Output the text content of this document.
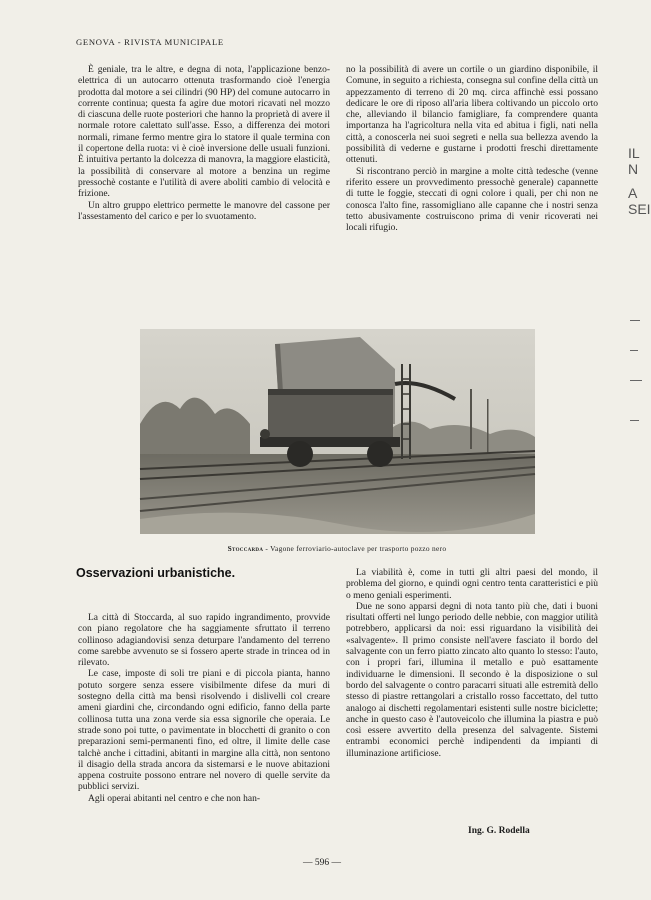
GENOVA - RIVISTA MUNICIPALE

È geniale, tra le altre, e degna di nota, l'applicazione benzo-elettrica di un autocarro ottenuta trasformando cioè l'energia prodotta dal motore a sei cilindri (90 HP) del comune autocarro in corrente continua; questa fa agire due motori ricavati nel mozzo di ciascuna delle ruote posteriori che hanno la proprietà di avere il normale rotore calettato sull'asse. Esso, a differenza dei motori normali, rimane fermo mentre gira lo statore il quale termina con il copertone della ruota: vi è cioè inversione delle usuali funzioni. È intuitiva pertanto la dolcezza di manovra, la maggiore elasticità, la possibilità di conservare al motore a benzina un regime pressochè costante e l'utilità di avere aboliti cambio di velocità e frizione.

Un altro gruppo elettrico permette le manovre del cassone per l'assestamento del carico e per lo svuotamento.

no la possibilità di avere un cortile o un giardino disponibile, il Comune, in seguito a richiesta, consegna sul confine della città un appezzamento di terreno di 20 mq. circa affinchè essi possano dedicare le ore di riposo all'aria libera coltivando un piccolo orto che, alleviando il bilancio famigliare, fa comprendere quanta importanza ha l'agricoltura nella vita ed abitua i figli, nati nella città, a conoscerla nei suoi segreti e nella sua bellezza avendo la possibilità di vederne e gustarne i prodotti freschi direttamente ottenuti.

Si riscontrano perciò in margine a molte città tedesche (venne riferito essere un provvedimento pressochè generale) capannette di tutte le foggie, steccati di ogni colore i quali, per chi non ne conosca l'alto fine, rassomigliano alle capanne che i nostri senza tetto abusivamente costruiscono prima di venir ricoverati nei locali rifugio.

Stoccarda - Vagone ferroviario-autoclave per trasporto pozzo nero
Osservazioni urbanistiche.

La città di Stoccarda, al suo rapido ingrandimento, provvide con piano regolatore che ha saggiamente sfruttato il terreno collinoso adagiandovisi senza deturpare l'andamento del terreno come sarebbe avvenuto se si fossero aperte strade in trincea od in rilevato.

Le case, imposte di soli tre piani e di piccola pianta, hanno potuto sorgere senza essere visibilmente difese da muri di sostegno della città ma bensì risolvendo i dislivelli col creare ameni giardini che, circondando ogni edificio, fanno della parte collinosa tutta una zona verde sia essa signorile che operaia. Le strade sono poi tutte, o pavimentate in blocchetti di granito o con preparazioni semi-permanenti fino, ed oltre, il limite delle case talchè anche i cittadini, abitanti in margine alla città, non sentono il disagio della strada ancora da sistemarsi e le nuove abitazioni appena costruite possono entrare nel novero di quelle servite da pubblici servizi.

Agli operai abitanti nel centro e che non han-

La viabilità è, come in tutti gli altri paesi del mondo, il problema del giorno, e quindi ogni centro tenta caratteristici e più o meno geniali esperimenti.

Due ne sono apparsi degni di nota tanto più che, dati i buoni risultati offerti nel lungo periodo delle nebbie, con maggior utilità potrebbero, applicarsi da noi: essi riguardano la visibilità dei «salvagente». Il primo consiste nell'avere fasciato il bordo del salvagente con un ferro piatto zincato alto quanto lo stesso: l'auto, con i propri fari, illumina il metallo e può esattamente individuarne le dimensioni. Il secondo è la disposizione o sul bordo del salvagente o contro paracarri situati alle estremità dello stesso di piastre rettangolari a cristallo rosso faccettato, del tutto analogo ai dischetti regolamentari esistenti sulle nostre biciclette; anche in questo caso è l'autoveicolo che illumina la piastra e può così essere avvertito della presenza del salvagente. Sistemi entrambi economici perchè indipendenti da impianti di illuminazione artificiose.

Ing. G. Rodella
— 596 —
IL N
A SEI
